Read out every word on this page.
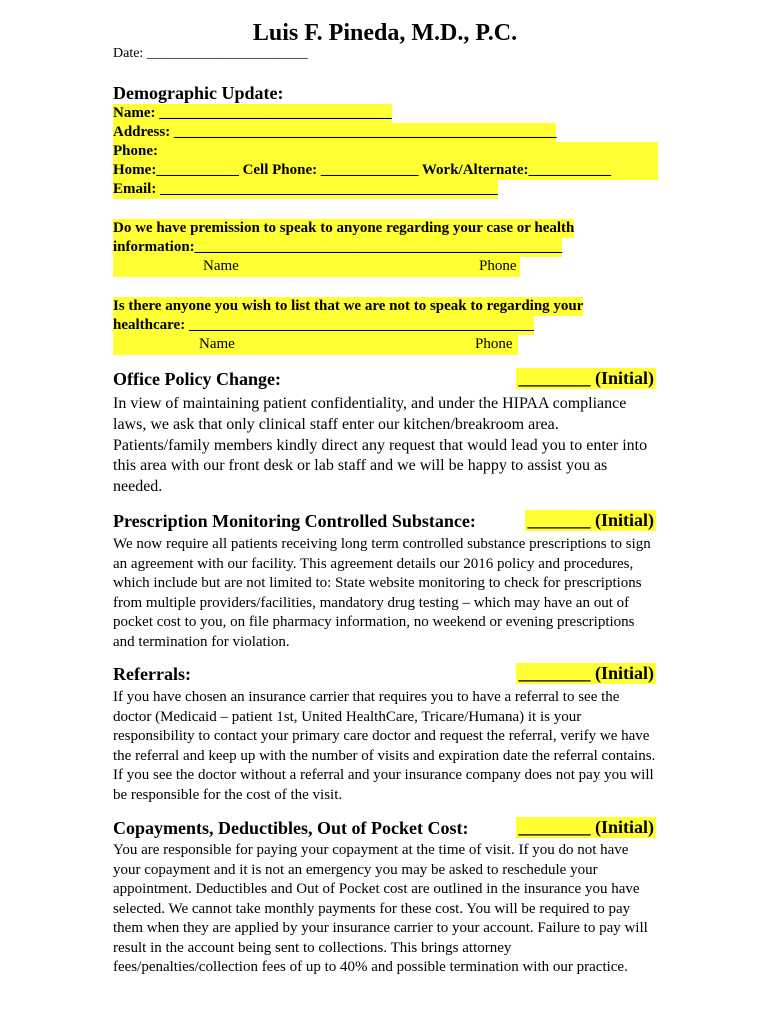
Luis F. Pineda, M.D., P.C.
Date: _______________________
Demographic Update:
Name: _______________________________
Address: ___________________________________________________
Phone:
Home:___________ Cell Phone: _____________ Work/Alternate:___________
Email: _____________________________________________
Do we have premission to speak to anyone regarding your case or health
information:_________________________________________________
Name	Phone
Is there anyone you wish to list that we are not to speak to regarding your
healthcare: ______________________________________________
Name	Phone
Office Policy Change:	________ (Initial)
In view of maintaining patient confidentiality, and under the HIPAA compliance laws, we ask that only clinical staff enter our kitchen/breakroom area. Patients/family members kindly direct any request that would lead you to enter into this area with our front desk or lab staff and we will be happy to assist you as needed.
Prescription Monitoring Controlled Substance:	_______ (Initial)
We now require all patients receiving long term controlled substance prescriptions to sign an agreement with our facility. This agreement details our 2016 policy and procedures, which include but are not limited to: State website monitoring to check for prescriptions from multiple providers/facilities, mandatory drug testing – which may have an out of pocket cost to you, on file pharmacy information, no weekend or evening prescriptions and termination for violation.
Referrals:	________ (Initial)
If you have chosen an insurance carrier that requires you to have a referral to see the doctor (Medicaid – patient 1st, United HealthCare, Tricare/Humana) it is your responsibility to contact your primary care doctor and request the referral, verify we have the referral and keep up with the number of visits and expiration date the referral contains. If you see the doctor without a referral and your insurance company does not pay you will be responsible for the cost of the visit.
Copayments, Deductibles, Out of Pocket Cost:	________ (Initial)
You are responsible for paying your copayment at the time of visit. If you do not have your copayment and it is not an emergency you may be asked to reschedule your appointment. Deductibles and Out of Pocket cost are outlined in the insurance you have selected. We cannot take monthly payments for these cost. You will be required to pay them when they are applied by your insurance carrier to your account. Failure to pay will result in the account being sent to collections. This brings attorney fees/penalties/collection fees of up to 40% and possible termination with our practice.
